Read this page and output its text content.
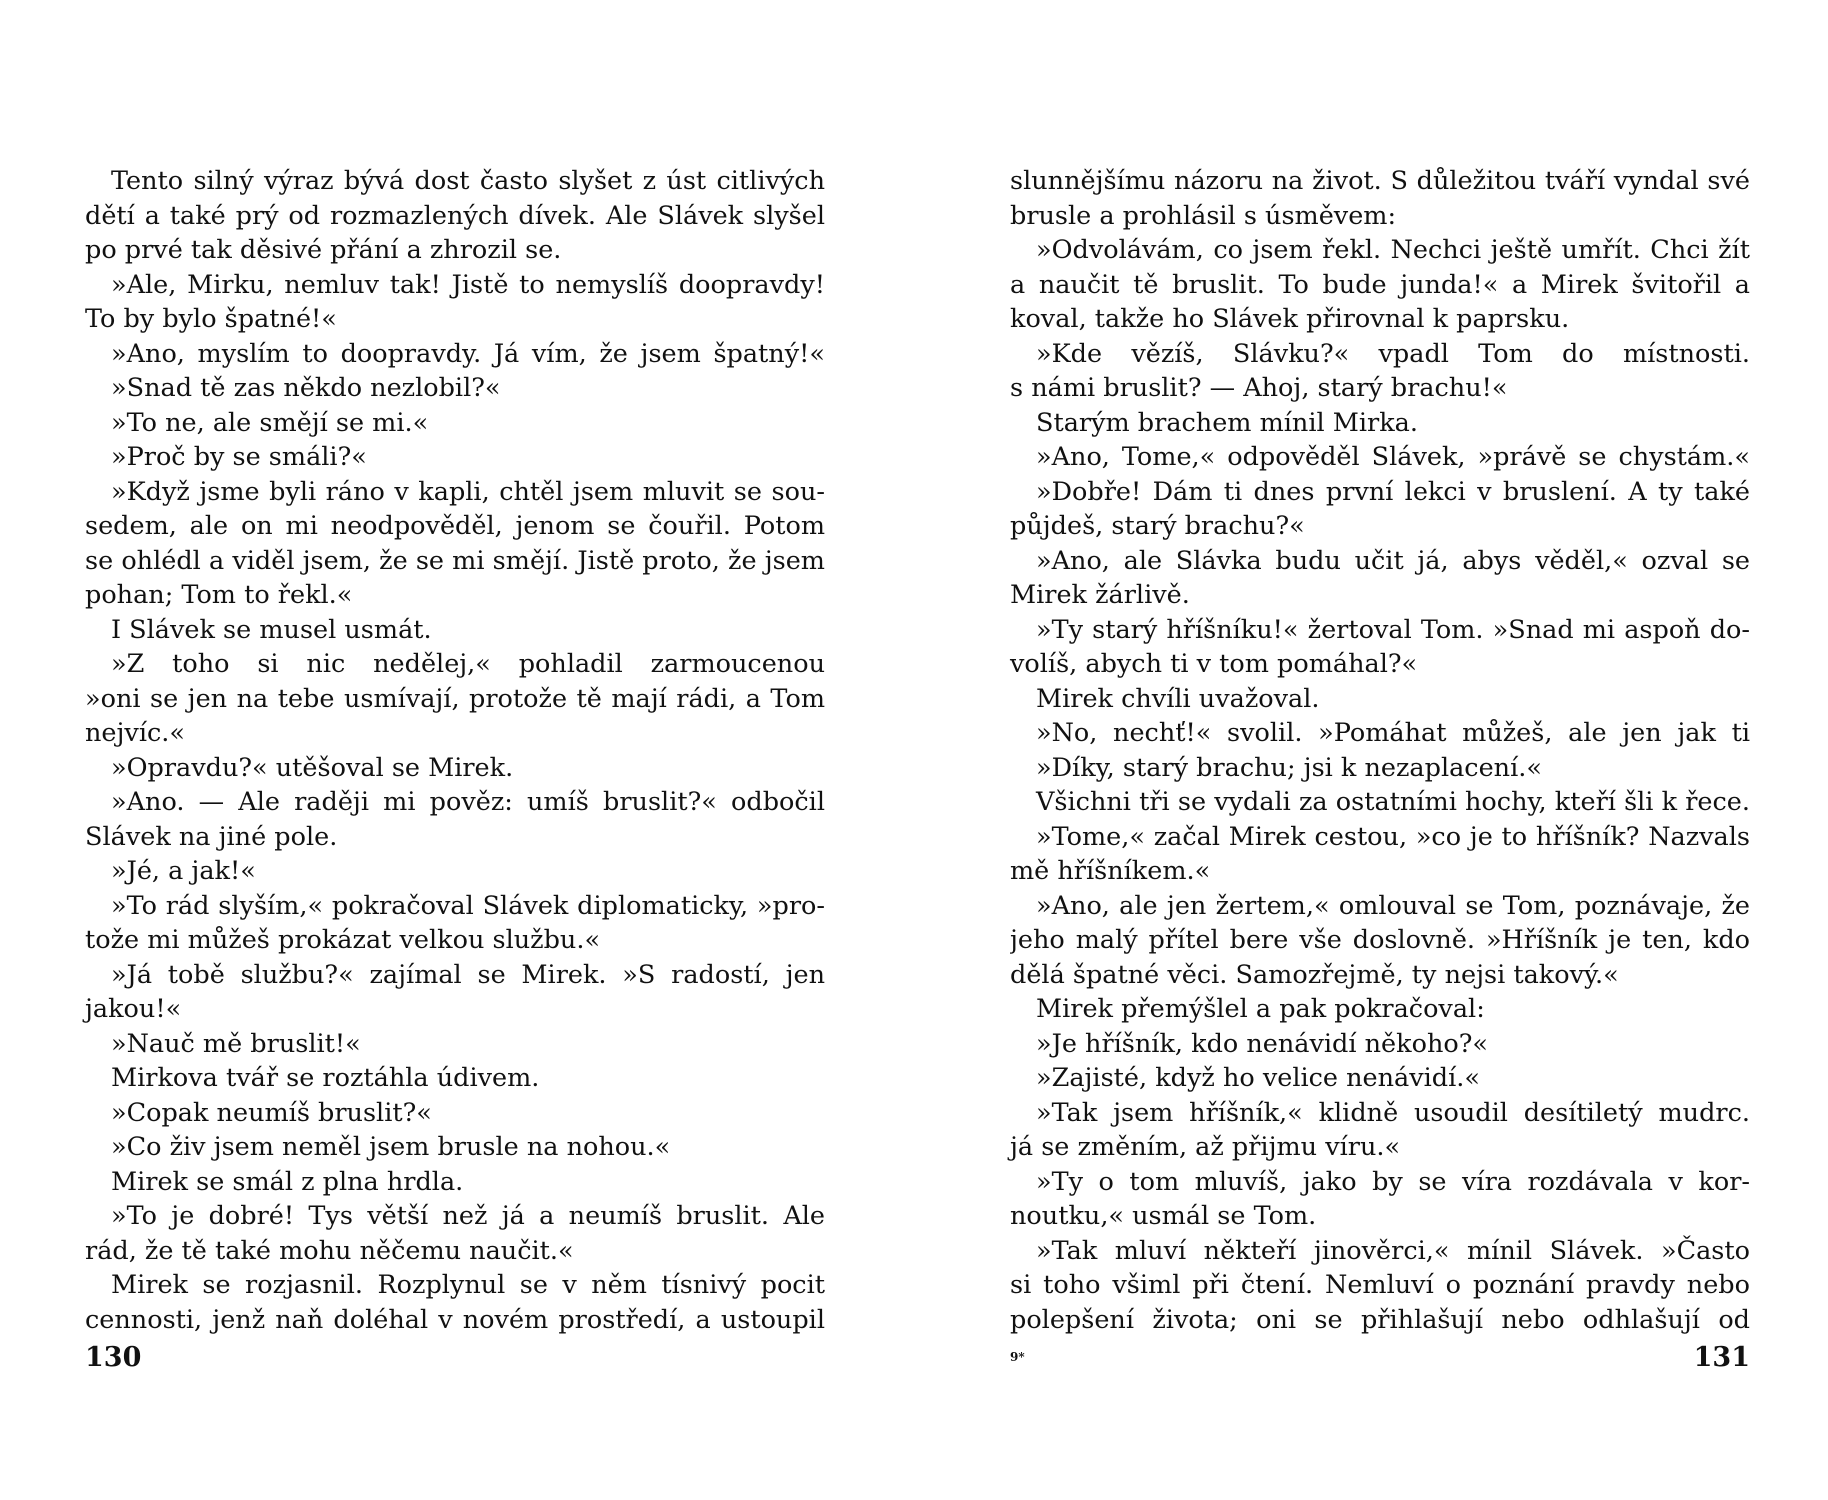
Tento silný výraz bývá dost často slyšet z úst citlivých
dětí a také prý od rozmazlených dívek. Ale Slávek slyšel
po prvé tak děsivé přání a zhrozil se.
»Ale, Mirku, nemluv tak! Jistě to nemyslíš doopravdy!
To by bylo špatné!«
»Ano, myslím to doopravdy. Já vím, že jsem špatný!«
»Snad tě zas někdo nezlobil?«
»To ne, ale smějí se mi.«
»Proč by se smáli?«
»Když jsme byli ráno v kapli, chtěl jsem mluvit se sou-
sedem, ale on mi neodpověděl, jenom se čouřil. Potom
se ohlédl a viděl jsem, že se mi smějí. Jistě proto, že jsem
pohan; Tom to řekl.«
I Slávek se musel usmát.
»Z toho si nic nedělej,« pohladil zarmoucenou
»oni se jen na tebe usmívají, protože tě mají rádi, a Tom
nejvíc.«
»Opravdu?« utěšoval se Mirek.
»Ano. — Ale raději mi pověz: umíš bruslit?« odbočil
Slávek na jiné pole.
»Jé, a jak!«
»To rád slyším,« pokračoval Slávek diplomaticky, »pro-
tože mi můžeš prokázat velkou službu.«
»Já tobě službu?« zajímal se Mirek. »S radostí, jen
jakou!«
»Nauč mě bruslit!«
Mirkova tvář se roztáhla údivem.
»Copak neumíš bruslit?«
»Co živ jsem neměl jsem brusle na nohou.«
Mirek se smál z plna hrdla.
»To je dobré! Tys větší než já a neumíš bruslit. Ale
rád, že tě také mohu něčemu naučit.«
Mirek se rozjasnil. Rozplynul se v něm tísnivý pocit
cennosti, jenž naň doléhal v novém prostředí, a ustoupil
130
slunnějšímu názoru na život. S důležitou tváří vyndal své
brusle a prohlásil s úsměvem:
»Odvolávám, co jsem řekl. Nechci ještě umřít. Chci žít
a naučit tě bruslit. To bude junda!« a Mirek švitořil a
koval, takže ho Slávek přirovnal k paprsku.
»Kde vězíš, Slávku?« vpadl Tom do místnosti.
s námi bruslit? — Ahoj, starý brachu!«
Starým brachem mínil Mirka.
»Ano, Tome,« odpověděl Slávek, »právě se chystám.«
»Dobře! Dám ti dnes první lekci v bruslení. A ty také
půjdeš, starý brachu?«
»Ano, ale Slávka budu učit já, abys věděl,« ozval se
Mirek žárlivě.
»Ty starý hříšníku!« žertoval Tom. »Snad mi aspoň do-
volíš, abych ti v tom pomáhal?«
Mirek chvíli uvažoval.
»No, nechť!« svolil. »Pomáhat můžeš, ale jen jak ti
»Díky, starý brachu; jsi k nezaplacení.«
Všichni tři se vydali za ostatními hochy, kteří šli k řece.
»Tome,« začal Mirek cestou, »co je to hříšník? Nazvals
mě hříšníkem.«
»Ano, ale jen žertem,« omlouval se Tom, poznávaje, že
jeho malý přítel bere vše doslovně. »Hříšník je ten, kdo
dělá špatné věci. Samozřejmě, ty nejsi takový.«
Mirek přemýšlel a pak pokračoval:
»Je hříšník, kdo nenávidí někoho?«
»Zajisté, když ho velice nenávidí.«
»Tak jsem hříšník,« klidně usoudil desítiletý mudrc.
já se změním, až přijmu víru.«
»Ty o tom mluvíš, jako by se víra rozdávala v kor-
noutku,« usmál se Tom.
»Tak mluví někteří jinověrci,« mínil Slávek. »Často
si toho všiml při čtení. Nemluví o poznání pravdy nebo
polepšení života; oni se přihlašují nebo odhlašují od
9*	131
